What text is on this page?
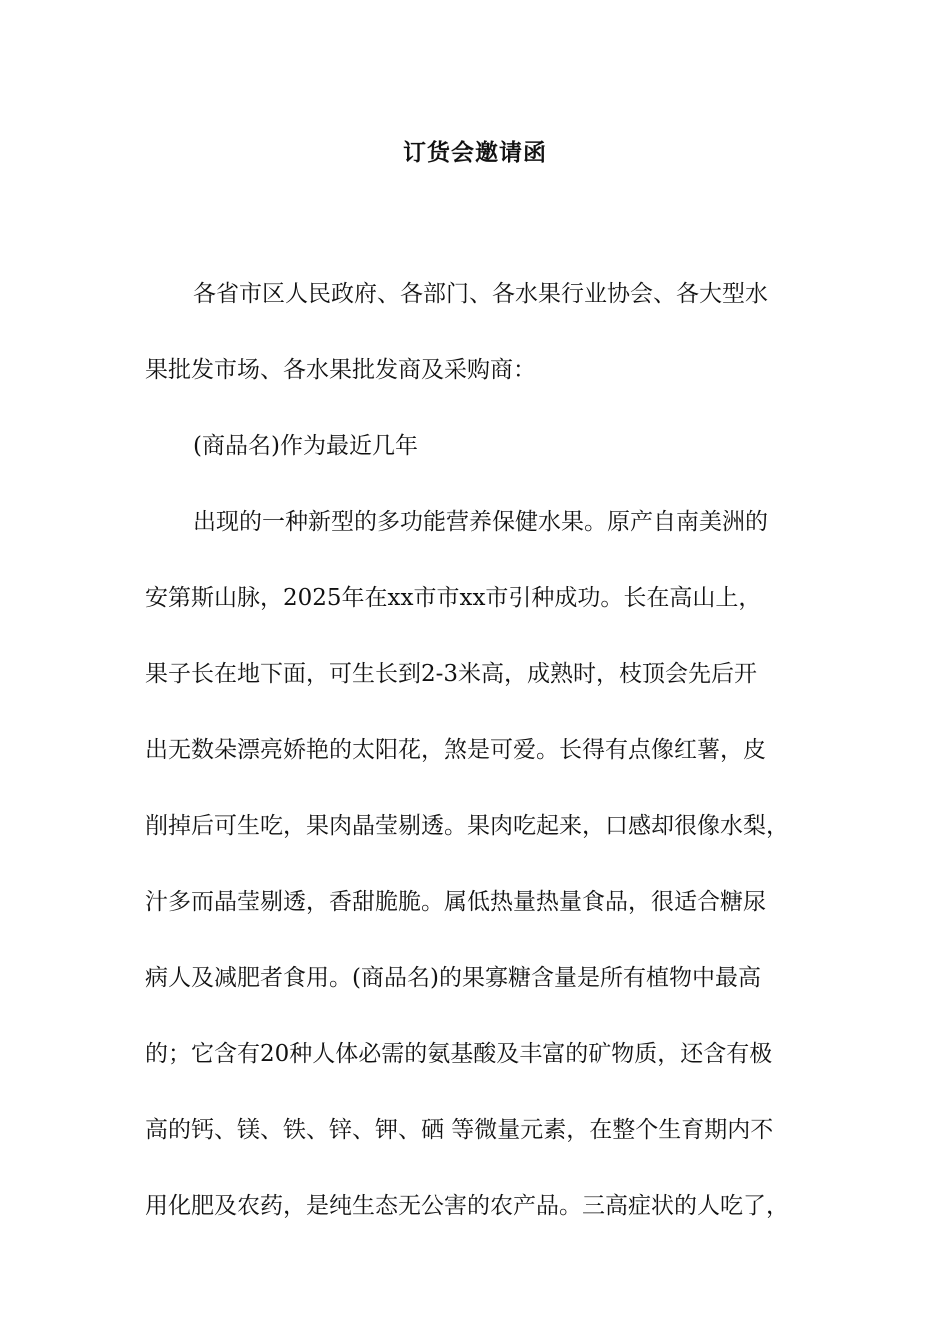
订货会邀请函
各省市区人民政府、各部门、各水果行业协会、各大型水
果批发市场、各水果批发商及采购商：
(商品名)作为最近几年
出现的一种新型的多功能营养保健水果。原产自南美洲的
安第斯山脉，2025年在xx市市xx市引种成功。长在高山上，
果子长在地下面，可生长到2-3米高，成熟时，枝顶会先后开
出无数朵漂亮娇艳的太阳花，煞是可爱。长得有点像红薯，皮
削掉后可生吃，果肉晶莹剔透。果肉吃起来，口感却很像水梨，
汁多而晶莹剔透，香甜脆脆。属低热量热量食品，很适合糖尿
病人及减肥者食用。(商品名)的果寡糖含量是所有植物中最高
的；它含有20种人体必需的氨基酸及丰富的矿物质，还含有极
高的钙、镁、铁、锌、钾、硒 等微量元素，在整个生育期内不
用化肥及农药，是纯生态无公害的农产品。三高症状的人吃了，
